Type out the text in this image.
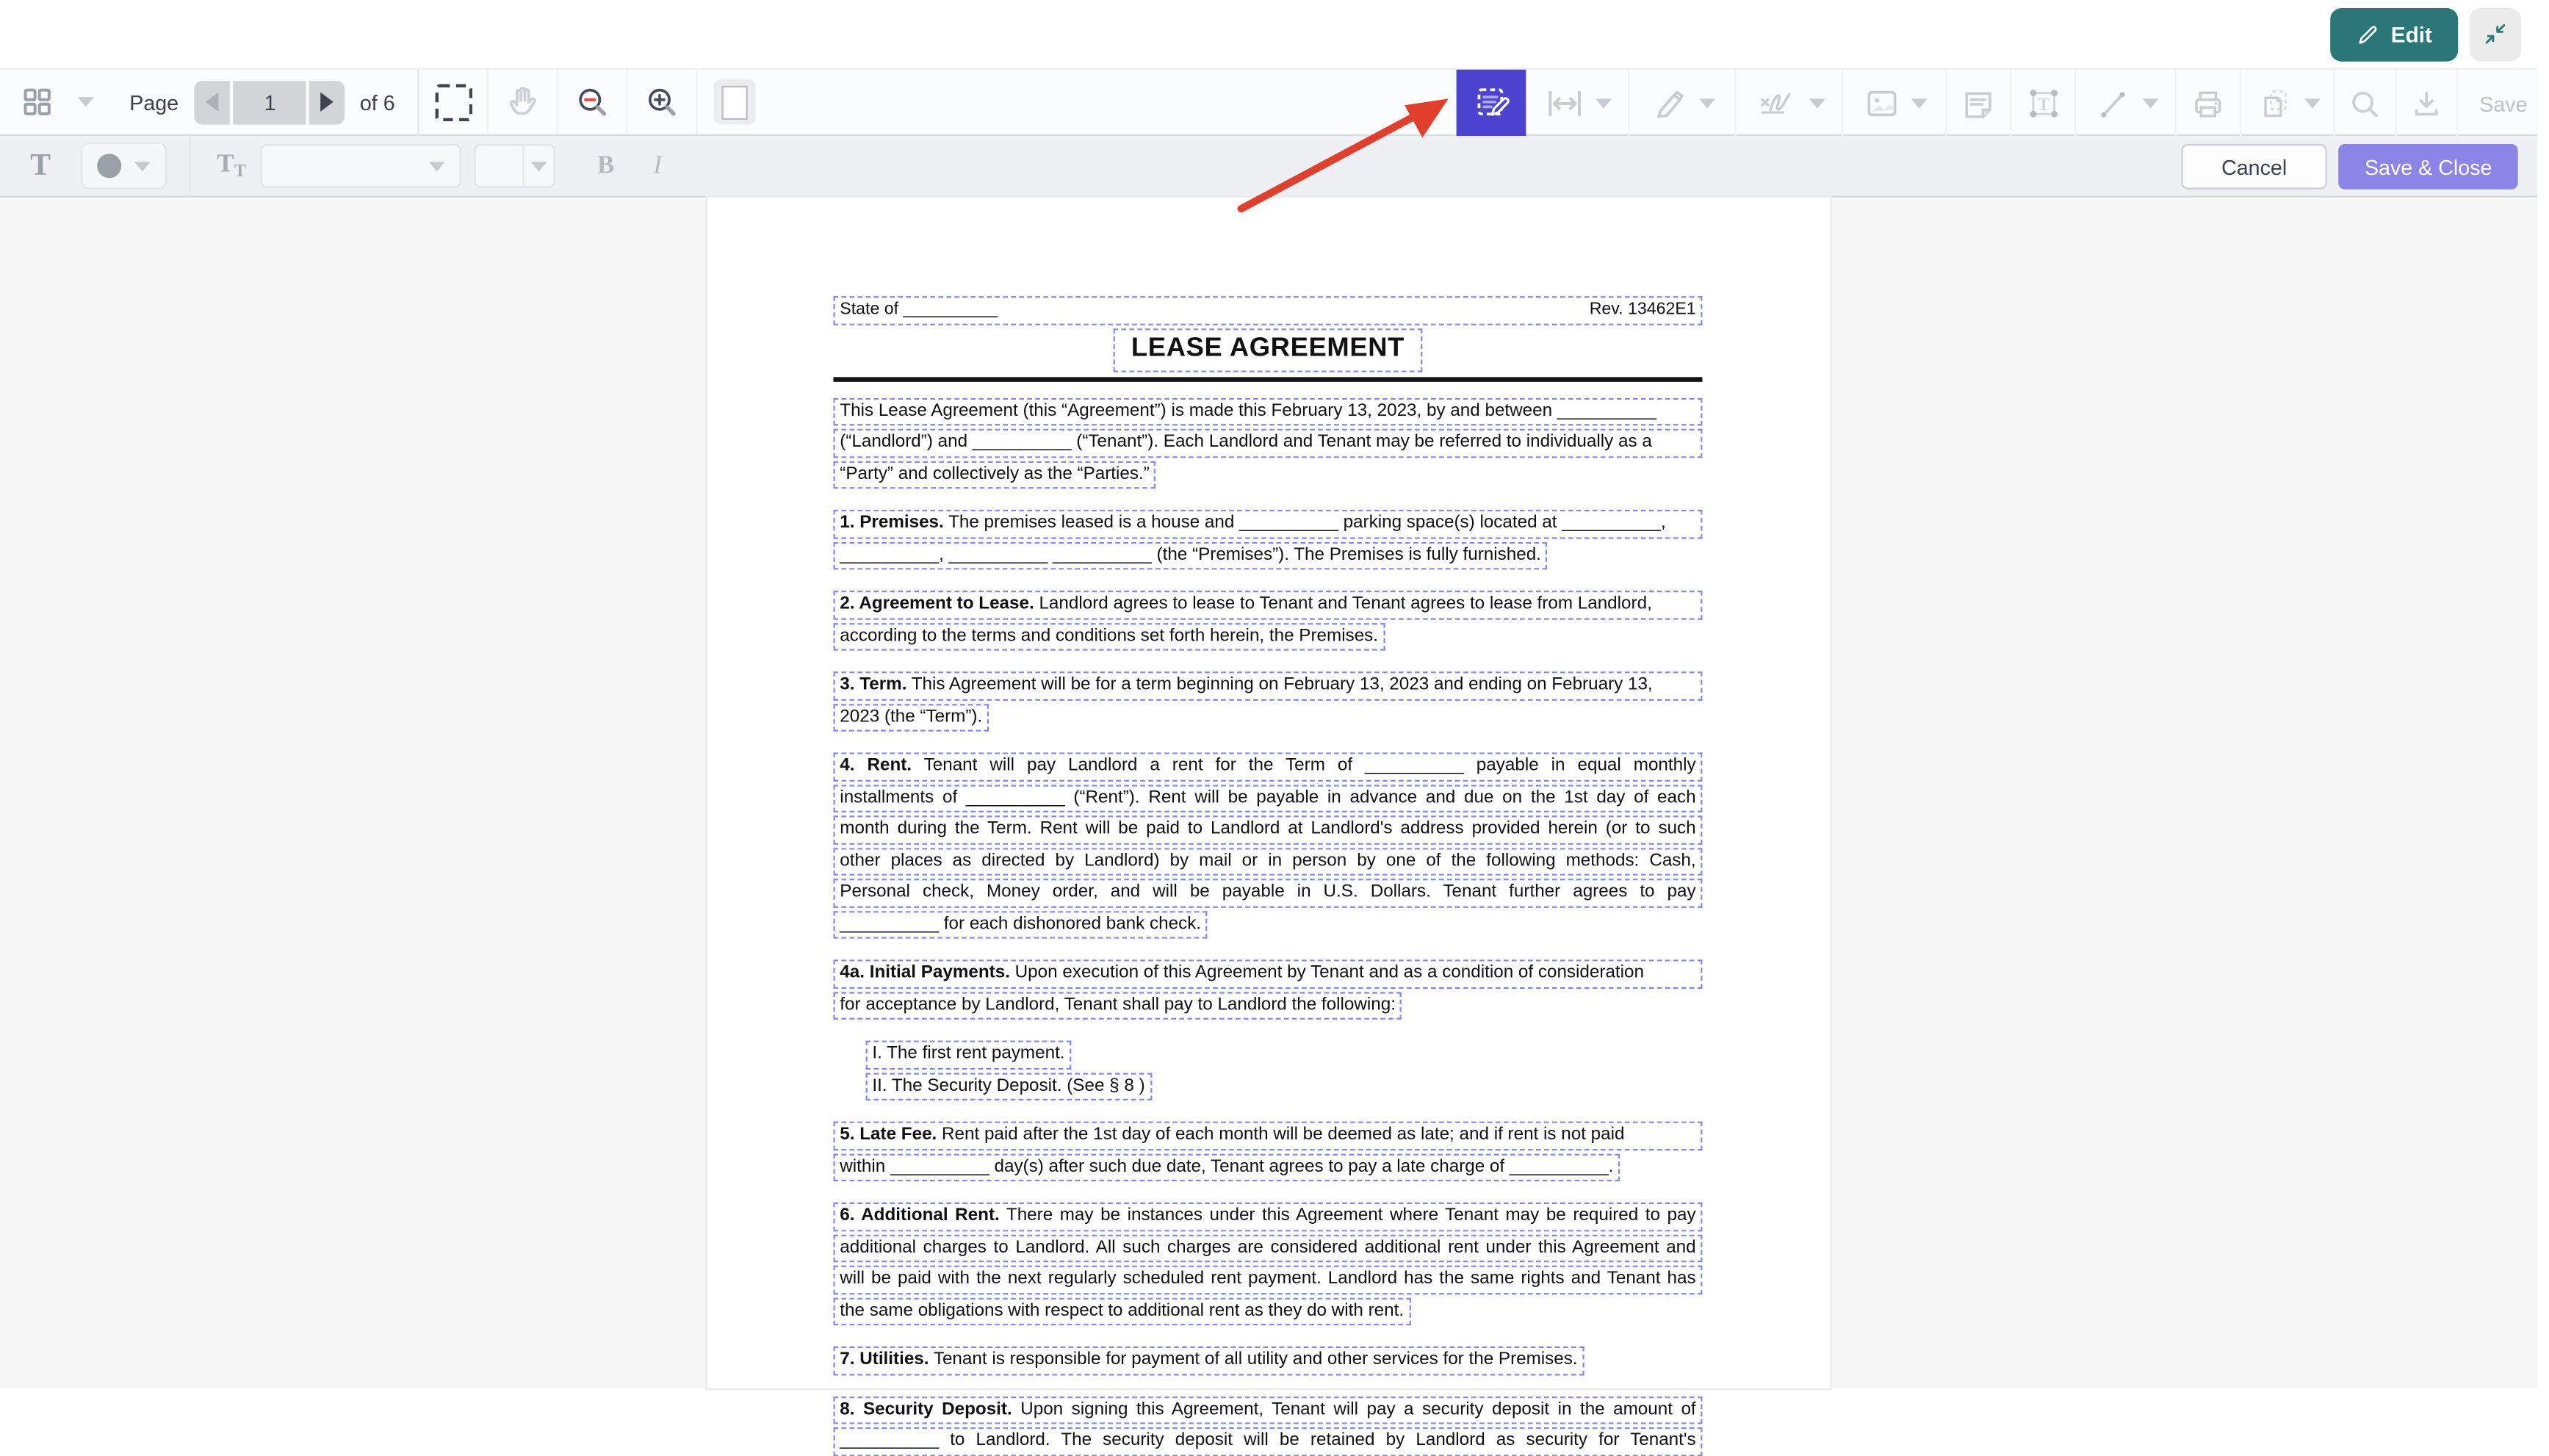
Edit
Page	1	of 6	T	Save
T	$T_T$	B	I	Cancel	Save & Close
State of __________	Rev. 13462E1
LEASE AGREEMENT
This Lease Agreement (this “Agreement”) is made this February 13, 2023, by and between __________
(“Landlord”) and __________ (“Tenant”). Each Landlord and Tenant may be referred to individually as a
“Party” and collectively as the “Parties.”
1. Premises. The premises leased is a house and __________ parking space(s) located at __________,
__________, __________ __________ (the “Premises”). The Premises is fully furnished.
2. Agreement to Lease. Landlord agrees to lease to Tenant and Tenant agrees to lease from Landlord,
according to the terms and conditions set forth herein, the Premises.
3. Term. This Agreement will be for a term beginning on February 13, 2023 and ending on February 13,
2023 (the “Term”).
4. Rent. Tenant will pay Landlord a rent for the Term of __________ payable in equal monthly
installments of __________ (“Rent”). Rent will be payable in advance and due on the 1st day of each
month during the Term. Rent will be paid to Landlord at Landlord's address provided herein (or to such
other places as directed by Landlord) by mail or in person by one of the following methods: Cash,
Personal check, Money order, and will be payable in U.S. Dollars. Tenant further agrees to pay
__________ for each dishonored bank check.
4a. Initial Payments. Upon execution of this Agreement by Tenant and as a condition of consideration
for acceptance by Landlord, Tenant shall pay to Landlord the following:
I. The first rent payment.
II. The Security Deposit. (See § 8 )
5. Late Fee. Rent paid after the 1st day of each month will be deemed as late; and if rent is not paid
within __________ day(s) after such due date, Tenant agrees to pay a late charge of __________.
6. Additional Rent. There may be instances under this Agreement where Tenant may be required to pay
additional charges to Landlord. All such charges are considered additional rent under this Agreement and
will be paid with the next regularly scheduled rent payment. Landlord has the same rights and Tenant has
the same obligations with respect to additional rent as they do with rent.
7. Utilities. Tenant is responsible for payment of all utility and other services for the Premises.
8. Security Deposit. Upon signing this Agreement, Tenant will pay a security deposit in the amount of
__________ to Landlord. The security deposit will be retained by Landlord as security for Tenant's
